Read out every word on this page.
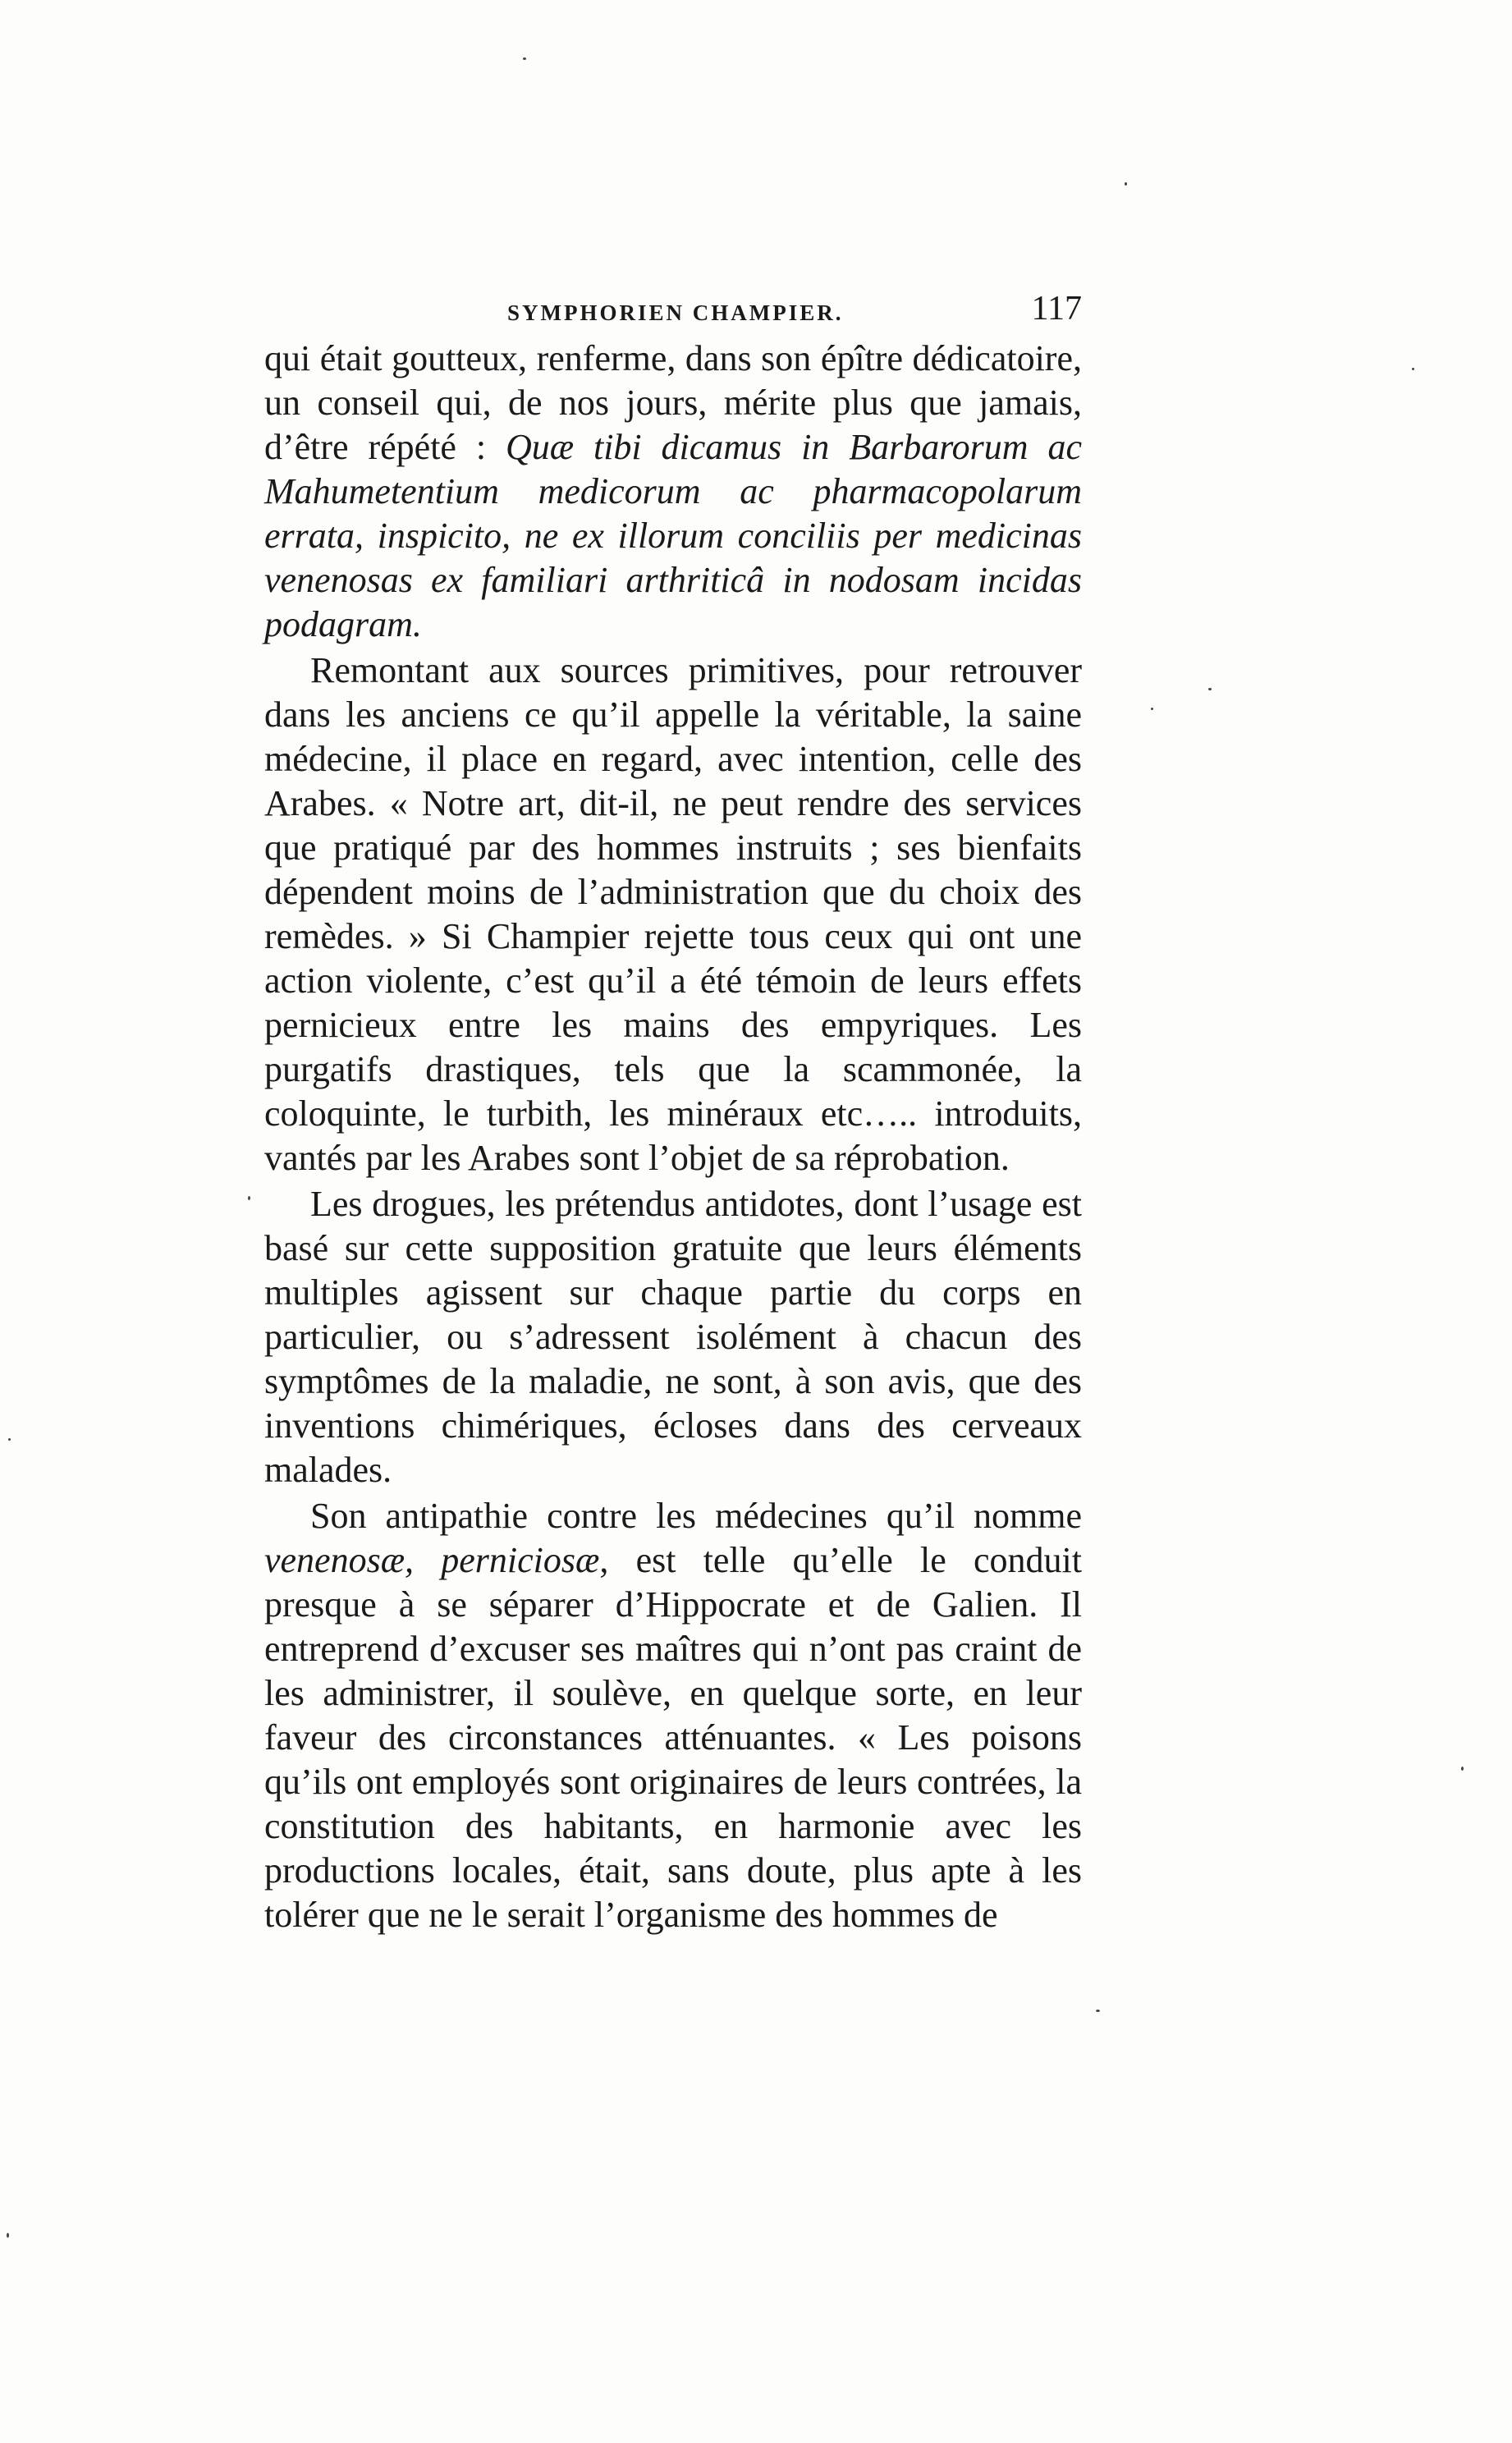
SYMPHORIEN CHAMPIER.	117

qui était goutteux, renferme, dans son épître dédicatoire, un conseil qui, de nos jours, mérite plus que jamais, d’être répété : Quæ tibi dicamus in Barbarorum ac Mahumetentium medicorum ac pharmacopolarum errata, inspicito, ne ex illorum conciliis per medicinas venenosas ex familiari arthriticâ in nodosam incidas podagram.

Remontant aux sources primitives, pour retrouver dans les anciens ce qu’il appelle la véritable, la saine médecine, il place en regard, avec intention, celle des Arabes. « Notre art, dit-il, ne peut rendre des services que pratiqué par des hommes instruits ; ses bienfaits dépendent moins de l’administration que du choix des remèdes. » Si Champier rejette tous ceux qui ont une action violente, c’est qu’il a été témoin de leurs effets pernicieux entre les mains des empyriques. Les purgatifs drastiques, tels que la scammonée, la coloquinte, le turbith, les minéraux etc….. introduits, vantés par les Arabes sont l’objet de sa réprobation.

Les drogues, les prétendus antidotes, dont l’usage est basé sur cette supposition gratuite que leurs éléments multiples agissent sur chaque partie du corps en particulier, ou s’adressent isolément à chacun des symptômes de la maladie, ne sont, à son avis, que des inventions chimériques, écloses dans des cerveaux malades.

Son antipathie contre les médecines qu’il nomme venenosæ, perniciosæ, est telle qu’elle le conduit presque à se séparer d’Hippocrate et de Galien. Il entreprend d’excuser ses maîtres qui n’ont pas craint de les administrer, il soulève, en quelque sorte, en leur faveur des circonstances atténuantes. « Les poisons qu’ils ont employés sont originaires de leurs contrées, la constitution des habitants, en harmonie avec les productions locales, était, sans doute, plus apte à les tolérer que ne le serait l’organisme des hommes de
